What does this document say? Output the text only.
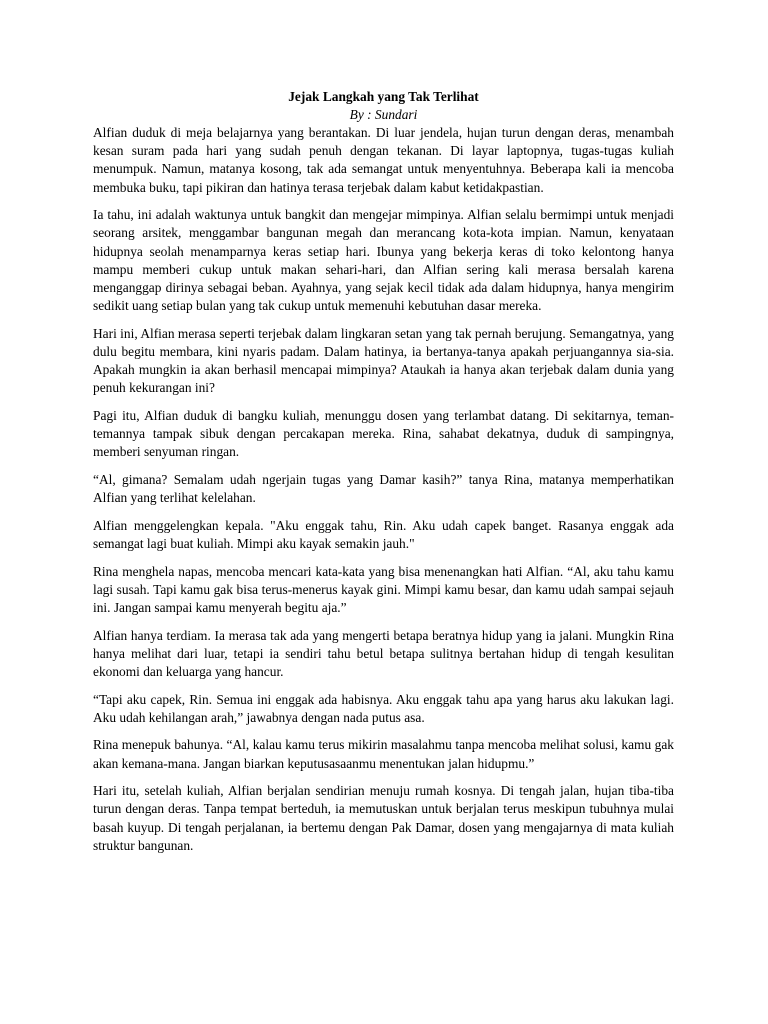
Jejak Langkah yang Tak Terlihat

By : Sundari

Alfian duduk di meja belajarnya yang berantakan. Di luar jendela, hujan turun dengan deras, menambah kesan suram pada hari yang sudah penuh dengan tekanan. Di layar laptopnya, tugas-tugas kuliah menumpuk. Namun, matanya kosong, tak ada semangat untuk menyentuhnya. Beberapa kali ia mencoba membuka buku, tapi pikiran dan hatinya terasa terjebak dalam kabut ketidakpastian.

Ia tahu, ini adalah waktunya untuk bangkit dan mengejar mimpinya. Alfian selalu bermimpi untuk menjadi seorang arsitek, menggambar bangunan megah dan merancang kota-kota impian. Namun, kenyataan hidupnya seolah menamparnya keras setiap hari. Ibunya yang bekerja keras di toko kelontong hanya mampu memberi cukup untuk makan sehari-hari, dan Alfian sering kali merasa bersalah karena menganggap dirinya sebagai beban. Ayahnya, yang sejak kecil tidak ada dalam hidupnya, hanya mengirim sedikit uang setiap bulan yang tak cukup untuk memenuhi kebutuhan dasar mereka.

Hari ini, Alfian merasa seperti terjebak dalam lingkaran setan yang tak pernah berujung. Semangatnya, yang dulu begitu membara, kini nyaris padam. Dalam hatinya, ia bertanya-tanya apakah perjuangannya sia-sia. Apakah mungkin ia akan berhasil mencapai mimpinya? Ataukah ia hanya akan terjebak dalam dunia yang penuh kekurangan ini?

Pagi itu, Alfian duduk di bangku kuliah, menunggu dosen yang terlambat datang. Di sekitarnya, teman-temannya tampak sibuk dengan percakapan mereka. Rina, sahabat dekatnya, duduk di sampingnya, memberi senyuman ringan.

“Al, gimana? Semalam udah ngerjain tugas yang Damar kasih?” tanya Rina, matanya memperhatikan Alfian yang terlihat kelelahan.

Alfian menggelengkan kepala. "Aku enggak tahu, Rin. Aku udah capek banget. Rasanya enggak ada semangat lagi buat kuliah. Mimpi aku kayak semakin jauh."

Rina menghela napas, mencoba mencari kata-kata yang bisa menenangkan hati Alfian. “Al, aku tahu kamu lagi susah. Tapi kamu gak bisa terus-menerus kayak gini. Mimpi kamu besar, dan kamu udah sampai sejauh ini. Jangan sampai kamu menyerah begitu aja.”

Alfian hanya terdiam. Ia merasa tak ada yang mengerti betapa beratnya hidup yang ia jalani. Mungkin Rina hanya melihat dari luar, tetapi ia sendiri tahu betul betapa sulitnya bertahan hidup di tengah kesulitan ekonomi dan keluarga yang hancur.

“Tapi aku capek, Rin. Semua ini enggak ada habisnya. Aku enggak tahu apa yang harus aku lakukan lagi. Aku udah kehilangan arah,” jawabnya dengan nada putus asa.

Rina menepuk bahunya. “Al, kalau kamu terus mikirin masalahmu tanpa mencoba melihat solusi, kamu gak akan kemana-mana. Jangan biarkan keputusasaanmu menentukan jalan hidupmu.”

Hari itu, setelah kuliah, Alfian berjalan sendirian menuju rumah kosnya. Di tengah jalan, hujan tiba-tiba turun dengan deras. Tanpa tempat berteduh, ia memutuskan untuk berjalan terus meskipun tubuhnya mulai basah kuyup. Di tengah perjalanan, ia bertemu dengan Pak Damar, dosen yang mengajarnya di mata kuliah struktur bangunan.
